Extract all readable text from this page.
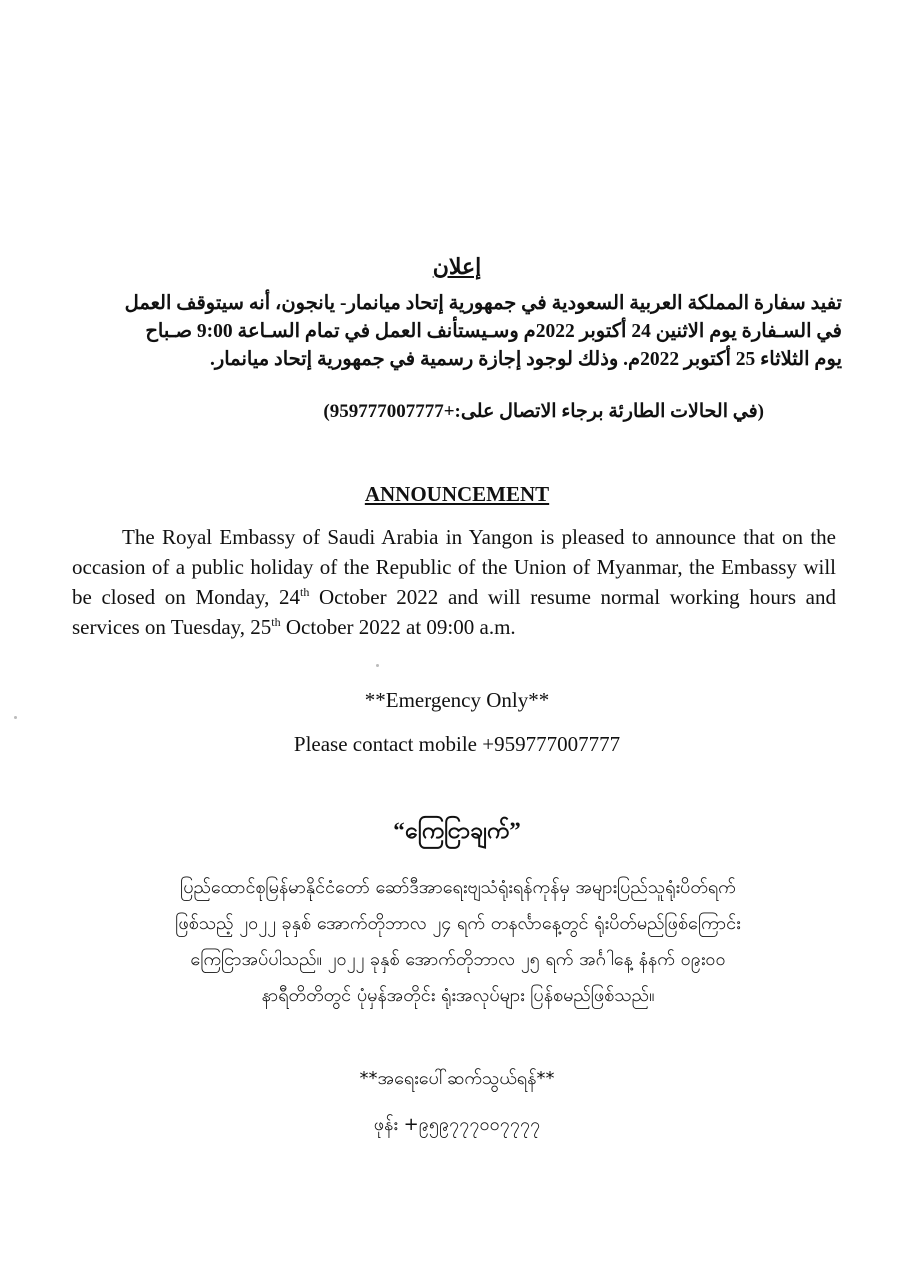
إعلان

تفيد سفارة المملكة العربية السعودية في جمهورية إتحاد ميانمار- يانجون، أنه سيتوقف العمل

في السـفارة يوم الاثنين 24 أكتوبر 2022م وسـيستأنف العمل في تمام السـاعة 9:00 صـباح

يوم الثلاثاء 25 أكتوبر 2022م. وذلك لوجود إجازة رسمية في جمهورية إتحاد ميانمار.

(في الحالات الطارئة برجاء الاتصال على:+959777007777)
ANNOUNCEMENT

The Royal Embassy of Saudi Arabia in Yangon is pleased to announce that on the occasion of a public holiday of the Republic of the Union of Myanmar, the Embassy will be closed on Monday, 24th October 2022 and will resume normal working hours and services on Tuesday, 25th October 2022 at 09:00 a.m.

**Emergency Only**
Please contact mobile +959777007777
“ကြေငြာချက်”

ပြည်ထောင်စုမြန်မာနိုင်ငံတော် ဆော်ဒီအာရေးဗျသံရုံးရန်ကုန်မှ အများပြည်သူရုံးပိတ်ရက်

ဖြစ်သည့် ၂၀၂၂ ခုနှစ် အောက်တိုဘာလ ၂၄ ရက် တနင်္လာနေ့တွင် ရုံးပိတ်မည်ဖြစ်ကြောင်း

ကြေငြာအပ်ပါသည်။ ၂၀၂၂ ခုနှစ် အောက်တိုဘာလ ၂၅ ရက် အင်္ဂါနေ့ နံနက် ၀၉း၀၀

နာရီတိတိတွင် ပုံမှန်အတိုင်း ရုံးအလုပ်များ ပြန်စမည်ဖြစ်သည်။

**အရေးပေါ်ဆက်သွယ်ရန်**
ဖုန်း +၉၅၉၇၇၇၀၀၇၇၇၇
